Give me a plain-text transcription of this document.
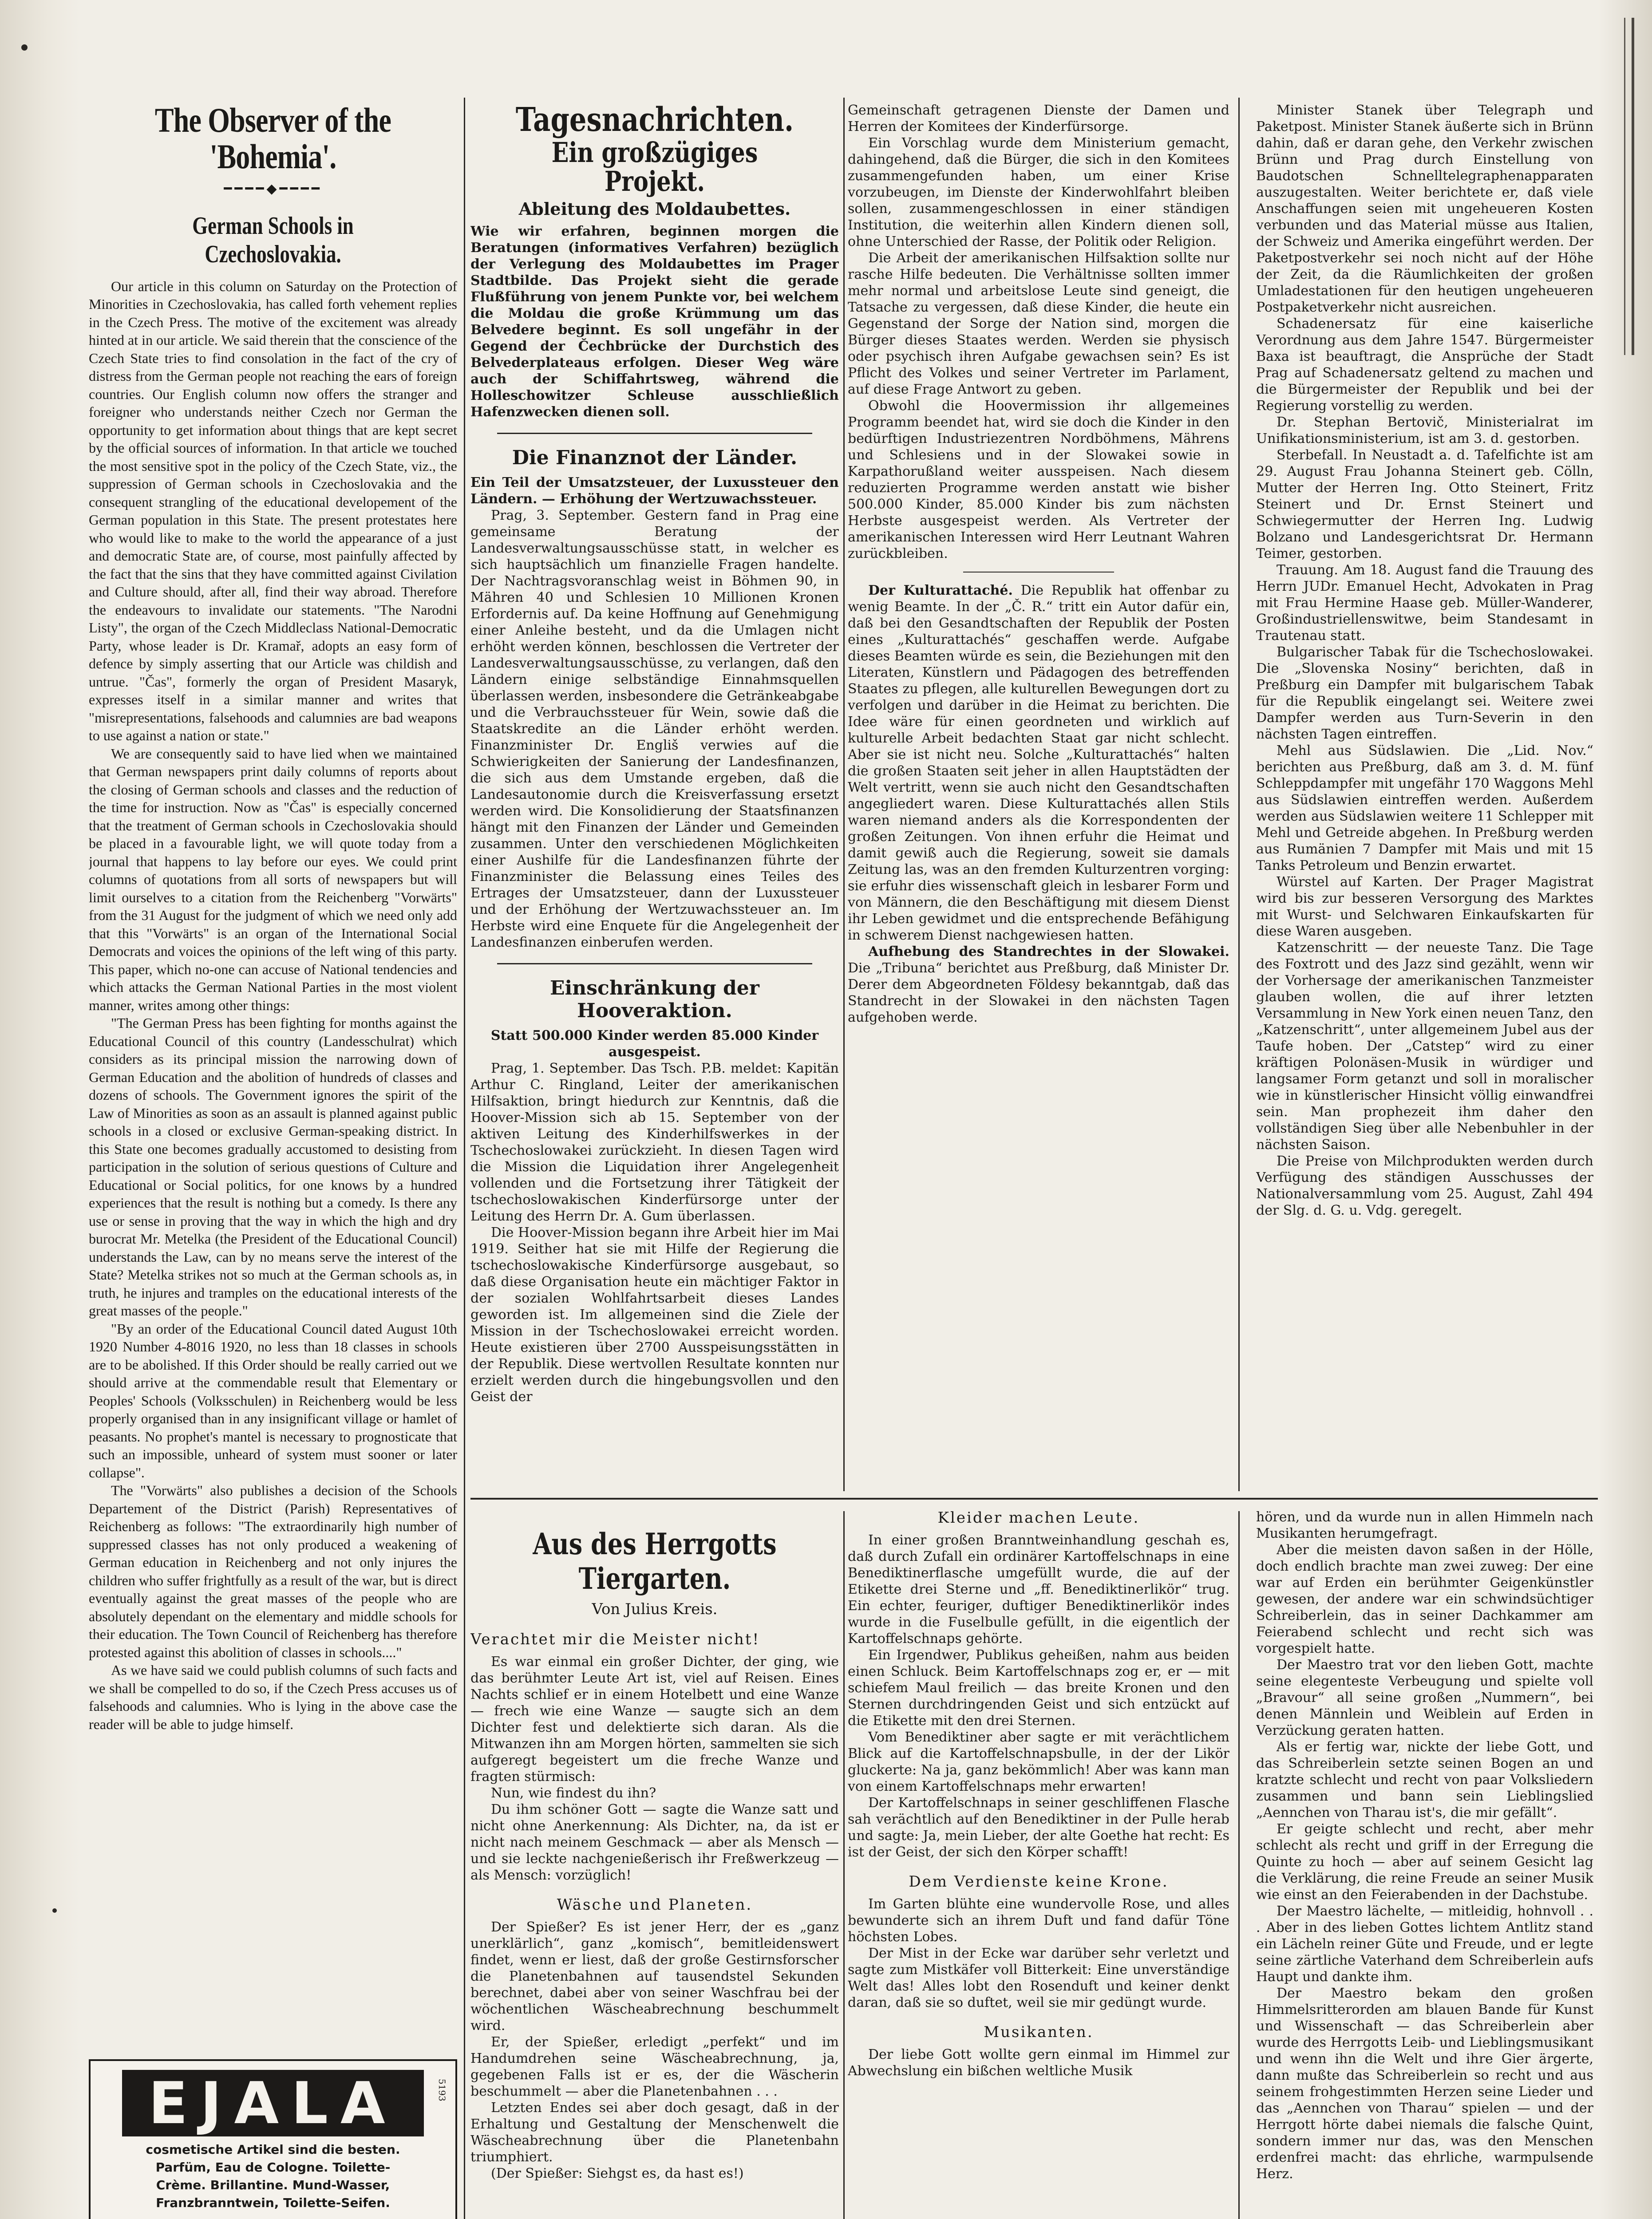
The Observer of the 'Bohemia'.
━━━━◆━━━━
German Schools in Czechoslovakia.

Our article in this column on Saturday on the Protection of Minorities in Czechoslovakia, has called forth vehement replies in the Czech Press. The motive of the excitement was already hinted at in our article. We said therein that the conscience of the Czech State tries to find consolation in the fact of the cry of distress from the German people not reaching the ears of foreign countries. Our English column now offers the stranger and foreigner who understands neither Czech nor German the opportunity to get information about things that are kept secret by the official sources of information. In that article we touched the most sensitive spot in the policy of the Czech State, viz., the suppression of German schools in Czechoslovakia and the consequent strangling of the educational developement of the German population in this State. The present protestates here who would like to make to the world the appearance of a just and democratic State are, of course, most painfully affected by the fact that the sins that they have committed against Civilation and Culture should, after all, find their way abroad. Therefore the endeavours to invalidate our statements. "The Narodni Listy", the organ of the Czech Middleclass National-Democratic Party, whose leader is Dr. Kramař, adopts an easy form of defence by simply asserting that our Article was childish and untrue. "Čas", formerly the organ of President Masaryk, expresses itself in a similar manner and writes that "misrepresentations, falsehoods and calumnies are bad weapons to use against a nation or state."

We are consequently said to have lied when we maintained that German newspapers print daily columns of reports about the closing of German schools and classes and the reduction of the time for instruction. Now as "Čas" is especially concerned that the treatment of German schools in Czechoslovakia should be placed in a favourable light, we will quote today from a journal that happens to lay before our eyes. We could print columns of quotations from all sorts of newspapers but will limit ourselves to a citation from the Reichenberg "Vorwärts" from the 31 August for the judgment of which we need only add that this "Vorwärts" is an organ of the International Social Democrats and voices the opinions of the left wing of this party. This paper, which no-one can accuse of National tendencies and which attacks the German National Parties in the most violent manner, writes among other things:

"The German Press has been fighting for months against the Educational Council of this country (Landesschulrat) which considers as its principal mission the narrowing down of German Education and the abolition of hundreds of classes and dozens of schools. The Government ignores the spirit of the Law of Minorities as soon as an assault is planned against public schools in a closed or exclusive German-speaking district. In this State one becomes gradually accustomed to desisting from participation in the solution of serious questions of Culture and Educational or Social politics, for one knows by a hundred experiences that the result is nothing but a comedy. Is there any use or sense in proving that the way in which the high and dry burocrat Mr. Metelka (the President of the Educational Council) understands the Law, can by no means serve the interest of the State? Metelka strikes not so much at the German schools as, in truth, he injures and tramples on the educational interests of the great masses of the people."

"By an order of the Educational Council dated August 10th 1920 Number 4-8016 1920, no less than 18 classes in schools are to be abolished. If this Order should be really carried out we should arrive at the commendable result that Elementary or Peoples' Schools (Volksschulen) in Reichenberg would be less properly organised than in any insignificant village or hamlet of peasants. No prophet's mantel is necessary to prognosticate that such an impossible, unheard of system must sooner or later collapse".

The "Vorwärts" also publishes a decision of the Schools Departement of the District (Parish) Representatives of Reichenberg as follows: "The extraordinarily high number of suppressed classes has not only produced a weakening of German education in Reichenberg and not only injures the children who suffer frightfully as a result of the war, but is direct eventually against the great masses of the people who are absolutely dependant on the elementary and middle schools for their education. The Town Council of Reichenberg has therefore protested against this abolition of classes in schools...."

As we have said we could publish columns of such facts and we shall be compelled to do so, if the Czech Press accuses us of falsehoods and calumnies. Who is lying in the above case the reader will be able to judge himself.

EJALA	5193
cosmetische Artikel sind die besten.
Parfüm, Eau de Cologne. Toilette-
Crème. Brillantine. Mund-Wasser,
Franzbranntwein, Toilette-Seifen.
Tagesnachrichten.
Ein großzügiges Projekt.
Ableitung des Moldaubettes.

Wie wir erfahren, beginnen morgen die Beratungen (informatives Verfahren) bezüglich der Verlegung des Moldaubettes im Prager Stadtbilde. Das Projekt sieht die gerade Flußführung von jenem Punkte vor, bei welchem die Moldau die große Krümmung um das Belvedere beginnt. Es soll ungefähr in der Gegend der Čechbrücke der Durchstich des Belvederplateaus erfolgen. Dieser Weg wäre auch der Schiffahrtsweg, während die Holleschowitzer Schleuse ausschließlich Hafenzwecken dienen soll.

Die Finanznot der Länder.
Ein Teil der Umsatzsteuer, der Luxussteuer den Ländern. — Erhöhung der Wertzuwachssteuer.

Prag, 3. September. Gestern fand in Prag eine gemeinsame Beratung der Landesverwaltungsausschüsse statt, in welcher es sich hauptsächlich um finanzielle Fragen handelte. Der Nachtragsvoranschlag weist in Böhmen 90, in Mähren 40 und Schlesien 10 Millionen Kronen Erfordernis auf. Da keine Hoffnung auf Genehmigung einer Anleihe besteht, und da die Umlagen nicht erhöht werden können, beschlossen die Vertreter der Landesverwaltungsausschüsse, zu verlangen, daß den Ländern einige selbständige Einnahmsquellen überlassen werden, insbesondere die Getränkeabgabe und die Verbrauchssteuer für Wein, sowie daß die Staatskredite an die Länder erhöht werden. Finanzminister Dr. Engliš verwies auf die Schwierigkeiten der Sanierung der Landesfinanzen, die sich aus dem Umstande ergeben, daß die Landesautonomie durch die Kreisverfassung ersetzt werden wird. Die Konsolidierung der Staatsfinanzen hängt mit den Finanzen der Länder und Gemeinden zusammen. Unter den verschiedenen Möglichkeiten einer Aushilfe für die Landesfinanzen führte der Finanzminister die Belassung eines Teiles des Ertrages der Umsatzsteuer, dann der Luxussteuer und der Erhöhung der Wertzuwachssteuer an. Im Herbste wird eine Enquete für die Angelegenheit der Landesfinanzen einberufen werden.

Einschränkung der Hooveraktion.
Statt 500.000 Kinder werden 85.000 Kinder ausgespeist.

Prag, 1. September. Das Tsch. P.B. meldet: Kapitän Arthur C. Ringland, Leiter der amerikanischen Hilfsaktion, bringt hiedurch zur Kenntnis, daß die Hoover-Mission sich ab 15. September von der aktiven Leitung des Kinderhilfswerkes in der Tschechoslowakei zurückzieht. In diesen Tagen wird die Mission die Liquidation ihrer Angelegenheit vollenden und die Fortsetzung ihrer Tätigkeit der tschechoslowakischen Kinderfürsorge unter der Leitung des Herrn Dr. A. Gum überlassen.

Die Hoover-Mission begann ihre Arbeit hier im Mai 1919. Seither hat sie mit Hilfe der Regierung die tschechoslowakische Kinderfürsorge ausgebaut, so daß diese Organisation heute ein mächtiger Faktor in der sozialen Wohlfahrtsarbeit dieses Landes geworden ist. Im allgemeinen sind die Ziele der Mission in der Tschechoslowakei erreicht worden. Heute existieren über 2700 Ausspeisungsstätten in der Republik. Diese wertvollen Resultate konnten nur erzielt werden durch die hingebungsvollen und den Geist der

Gemeinschaft getragenen Dienste der Damen und Herren der Komitees der Kinderfürsorge.

Ein Vorschlag wurde dem Ministerium gemacht, dahingehend, daß die Bürger, die sich in den Komitees zusammengefunden haben, um einer Krise vorzubeugen, im Dienste der Kinderwohlfahrt bleiben sollen, zusammengeschlossen in einer ständigen Institution, die weiterhin allen Kindern dienen soll, ohne Unterschied der Rasse, der Politik oder Religion.

Die Arbeit der amerikanischen Hilfsaktion sollte nur rasche Hilfe bedeuten. Die Verhältnisse sollten immer mehr normal und arbeitslose Leute sind geneigt, die Tatsache zu vergessen, daß diese Kinder, die heute ein Gegenstand der Sorge der Nation sind, morgen die Bürger dieses Staates werden. Werden sie physisch oder psychisch ihren Aufgabe gewachsen sein? Es ist Pflicht des Volkes und seiner Vertreter im Parlament, auf diese Frage Antwort zu geben.

Obwohl die Hoovermission ihr allgemeines Programm beendet hat, wird sie doch die Kinder in den bedürftigen Industriezentren Nordböhmens, Mährens und Schlesiens und in der Slowakei sowie in Karpathorußland weiter ausspeisen. Nach diesem reduzierten Programme werden anstatt wie bisher 500.000 Kinder, 85.000 Kinder bis zum nächsten Herbste ausgespeist werden. Als Vertreter der amerikanischen Interessen wird Herr Leutnant Wahren zurückbleiben.

Der Kulturattaché. Die Republik hat offenbar zu wenig Beamte. In der „Č. R.“ tritt ein Autor dafür ein, daß bei den Gesandtschaften der Republik der Posten eines „Kulturattachés“ geschaffen werde. Aufgabe dieses Beamten würde es sein, die Beziehungen mit den Literaten, Künstlern und Pädagogen des betreffenden Staates zu pflegen, alle kulturellen Bewegungen dort zu verfolgen und darüber in die Heimat zu berichten. Die Idee wäre für einen geordneten und wirklich auf kulturelle Arbeit bedachten Staat gar nicht schlecht. Aber sie ist nicht neu. Solche „Kulturattachés“ halten die großen Staaten seit jeher in allen Hauptstädten der Welt vertritt, wenn sie auch nicht den Gesandtschaften angegliedert waren. Diese Kulturattachés allen Stils waren niemand anders als die Korrespondenten der großen Zeitungen. Von ihnen erfuhr die Heimat und damit gewiß auch die Regierung, soweit sie damals Zeitung las, was an den fremden Kulturzentren vorging: sie erfuhr dies wissenschaft gleich in lesbarer Form und von Männern, die den Beschäftigung mit diesem Dienst ihr Leben gewidmet und die entsprechende Befähigung in schwerem Dienst nachgewiesen hatten.

Aufhebung des Standrechtes in der Slowakei. Die „Tribuna“ berichtet aus Preßburg, daß Minister Dr. Derer dem Abgeordneten Földesy bekanntgab, daß das Standrecht in der Slowakei in den nächsten Tagen aufgehoben werde.

Minister Stanek über Telegraph und Paketpost. Minister Stanek äußerte sich in Brünn dahin, daß er daran gehe, den Verkehr zwischen Brünn und Prag durch Einstellung von Baudotschen Schnelltelegraphenapparaten auszugestalten. Weiter berichtete er, daß viele Anschaffungen seien mit ungeheueren Kosten verbunden und das Material müsse aus Italien, der Schweiz und Amerika eingeführt werden. Der Paketpostverkehr sei noch nicht auf der Höhe der Zeit, da die Räumlichkeiten der großen Umladestationen für den heutigen ungeheueren Postpaketverkehr nicht ausreichen.

Schadenersatz für eine kaiserliche Verordnung aus dem Jahre 1547. Bürgermeister Baxa ist beauftragt, die Ansprüche der Stadt Prag auf Schadenersatz geltend zu machen und die Bürgermeister der Republik und bei der Regierung vorstellig zu werden.

Dr. Stephan Bertovič, Ministerialrat im Unifikationsministerium, ist am 3. d. gestorben.

Sterbefall. In Neustadt a. d. Tafelfichte ist am 29. August Frau Johanna Steinert geb. Cölln, Mutter der Herren Ing. Otto Steinert, Fritz Steinert und Dr. Ernst Steinert und Schwiegermutter der Herren Ing. Ludwig Bolzano und Landesgerichtsrat Dr. Hermann Teimer, gestorben.

Trauung. Am 18. August fand die Trauung des Herrn JUDr. Emanuel Hecht, Advokaten in Prag mit Frau Hermine Haase geb. Müller-Wanderer, Großindustriellenswitwe, beim Standesamt in Trautenau statt.

Bulgarischer Tabak für die Tschechoslowakei. Die „Slovenska Nosiny“ berichten, daß in Preßburg ein Dampfer mit bulgarischem Tabak für die Republik eingelangt sei. Weitere zwei Dampfer werden aus Turn-Severin in den nächsten Tagen eintreffen.

Mehl aus Südslawien. Die „Lid. Nov.“ berichten aus Preßburg, daß am 3. d. M. fünf Schleppdampfer mit ungefähr 170 Waggons Mehl aus Südslawien eintreffen werden. Außerdem werden aus Südslawien weitere 11 Schlepper mit Mehl und Getreide abgehen. In Preßburg werden aus Rumänien 7 Dampfer mit Mais und mit 15 Tanks Petroleum und Benzin erwartet.

Würstel auf Karten. Der Prager Magistrat wird bis zur besseren Versorgung des Marktes mit Wurst- und Selchwaren Einkaufskarten für diese Waren ausgeben.

Katzenschritt — der neueste Tanz. Die Tage des Foxtrott und des Jazz sind gezählt, wenn wir der Vorhersage der amerikanischen Tanzmeister glauben wollen, die auf ihrer letzten Versammlung in New York einen neuen Tanz, den „Katzenschritt“, unter allgemeinem Jubel aus der Taufe hoben. Der „Catstep“ wird zu einer kräftigen Polonäsen-Musik in würdiger und langsamer Form getanzt und soll in moralischer wie in künstlerischer Hinsicht völlig einwandfrei sein. Man prophezeit ihm daher den vollständigen Sieg über alle Nebenbuhler in der nächsten Saison.

Die Preise von Milchprodukten werden durch Verfügung des ständigen Ausschusses der Nationalversammlung vom 25. August, Zahl 494 der Slg. d. G. u. Vdg. geregelt.

Aus des Herrgotts Tiergarten.
Von Julius Kreis.
Verachtet mir die Meister nicht!

Es war einmal ein großer Dichter, der ging, wie das berühmter Leute Art ist, viel auf Reisen. Eines Nachts schlief er in einem Hotelbett und eine Wanze — frech wie eine Wanze — saugte sich an dem Dichter fest und delektierte sich daran. Als die Mitwanzen ihn am Morgen hörten, sammelten sie sich aufgeregt begeistert um die freche Wanze und fragten stürmisch:

Nun, wie findest du ihn?

Du ihm schöner Gott — sagte die Wanze satt und nicht ohne Anerkennung: Als Dichter, na, da ist er nicht nach meinem Geschmack — aber als Mensch — und sie leckte nachgenießerisch ihr Freßwerkzeug — als Mensch: vorzüglich!

Wäsche und Planeten.

Der Spießer? Es ist jener Herr, der es „ganz unerklärlich“, ganz „komisch“, bemitleidenswert findet, wenn er liest, daß der große Gestirnsforscher die Planetenbahnen auf tausendstel Sekunden berechnet, dabei aber von seiner Waschfrau bei der wöchentlichen Wäscheabrechnung beschummelt wird.

Er, der Spießer, erledigt „perfekt“ und im Handumdrehen seine Wäscheabrechnung, ja, gegebenen Falls ist er es, der die Wäscherin beschummelt — aber die Planetenbahnen . . .

Letzten Endes sei aber doch gesagt, daß in der Erhaltung und Gestaltung der Menschenwelt die Wäscheabrechnung über die Planetenbahn triumphiert.

(Der Spießer: Siehgst es, da hast es!)

Kleider machen Leute.

In einer großen Branntweinhandlung geschah es, daß durch Zufall ein ordinärer Kartoffelschnaps in eine Benediktinerflasche umgefüllt wurde, die auf der Etikette drei Sterne und „ff. Benediktinerlikör“ trug. Ein echter, feuriger, duftiger Benediktinerlikör indes wurde in die Fuselbulle gefüllt, in die eigentlich der Kartoffelschnaps gehörte.

Ein Irgendwer, Publikus geheißen, nahm aus beiden einen Schluck. Beim Kartoffelschnaps zog er, er — mit schiefem Maul freilich — das breite Kronen und den Sternen durchdringenden Geist und sich entzückt auf die Etikette mit den drei Sternen.

Vom Benediktiner aber sagte er mit verächtlichem Blick auf die Kartoffelschnapsbulle, in der der Likör gluckerte: Na ja, ganz bekömmlich! Aber was kann man von einem Kartoffelschnaps mehr erwarten!

Der Kartoffelschnaps in seiner geschliffenen Flasche sah verächtlich auf den Benediktiner in der Pulle herab und sagte: Ja, mein Lieber, der alte Goethe hat recht: Es ist der Geist, der sich den Körper schafft!

Dem Verdienste keine Krone.

Im Garten blühte eine wundervolle Rose, und alles bewunderte sich an ihrem Duft und fand dafür Töne höchsten Lobes.

Der Mist in der Ecke war darüber sehr verletzt und sagte zum Mistkäfer voll Bitterkeit: Eine unverständige Welt das! Alles lobt den Rosenduft und keiner denkt daran, daß sie so duftet, weil sie mir gedüngt wurde.

Musikanten.

Der liebe Gott wollte gern einmal im Himmel zur Abwechslung ein bißchen weltliche Musik

hören, und da wurde nun in allen Himmeln nach Musikanten herumgefragt.

Aber die meisten davon saßen in der Hölle, doch endlich brachte man zwei zuweg: Der eine war auf Erden ein berühmter Geigenkünstler gewesen, der andere war ein schwindsüchtiger Schreiberlein, das in seiner Dachkammer am Feierabend schlecht und recht sich was vorgespielt hatte.

Der Maestro trat vor den lieben Gott, machte seine elegenteste Verbeugung und spielte voll „Bravour“ all seine großen „Nummern“, bei denen Männlein und Weiblein auf Erden in Verzückung geraten hatten.

Als er fertig war, nickte der liebe Gott, und das Schreiberlein setzte seinen Bogen an und kratzte schlecht und recht von paar Volksliedern zusammen und bann sein Lieblingslied „Aennchen von Tharau ist's, die mir gefällt“.

Er geigte schlecht und recht, aber mehr schlecht als recht und griff in der Erregung die Quinte zu hoch — aber auf seinem Gesicht lag die Verklärung, die reine Freude an seiner Musik wie einst an den Feierabenden in der Dachstube.

Der Maestro lächelte, — mitleidig, hohnvoll . . . Aber in des lieben Gottes lichtem Antlitz stand ein Lächeln reiner Güte und Freude, und er legte seine zärtliche Vaterhand dem Schreiberlein aufs Haupt und dankte ihm.

Der Maestro bekam den großen Himmelsritterorden am blauen Bande für Kunst und Wissenschaft — das Schreiberlein aber wurde des Herrgotts Leib- und Lieblingsmusikant und wenn ihn die Welt und ihre Gier ärgerte, dann mußte das Schreiberlein so recht und aus seinem frohgestimmten Herzen seine Lieder und das „Aennchen von Tharau“ spielen — und der Herrgott hörte dabei niemals die falsche Quint, sondern immer nur das, was den Menschen erdenfrei macht: das ehrliche, warmpulsende Herz.
